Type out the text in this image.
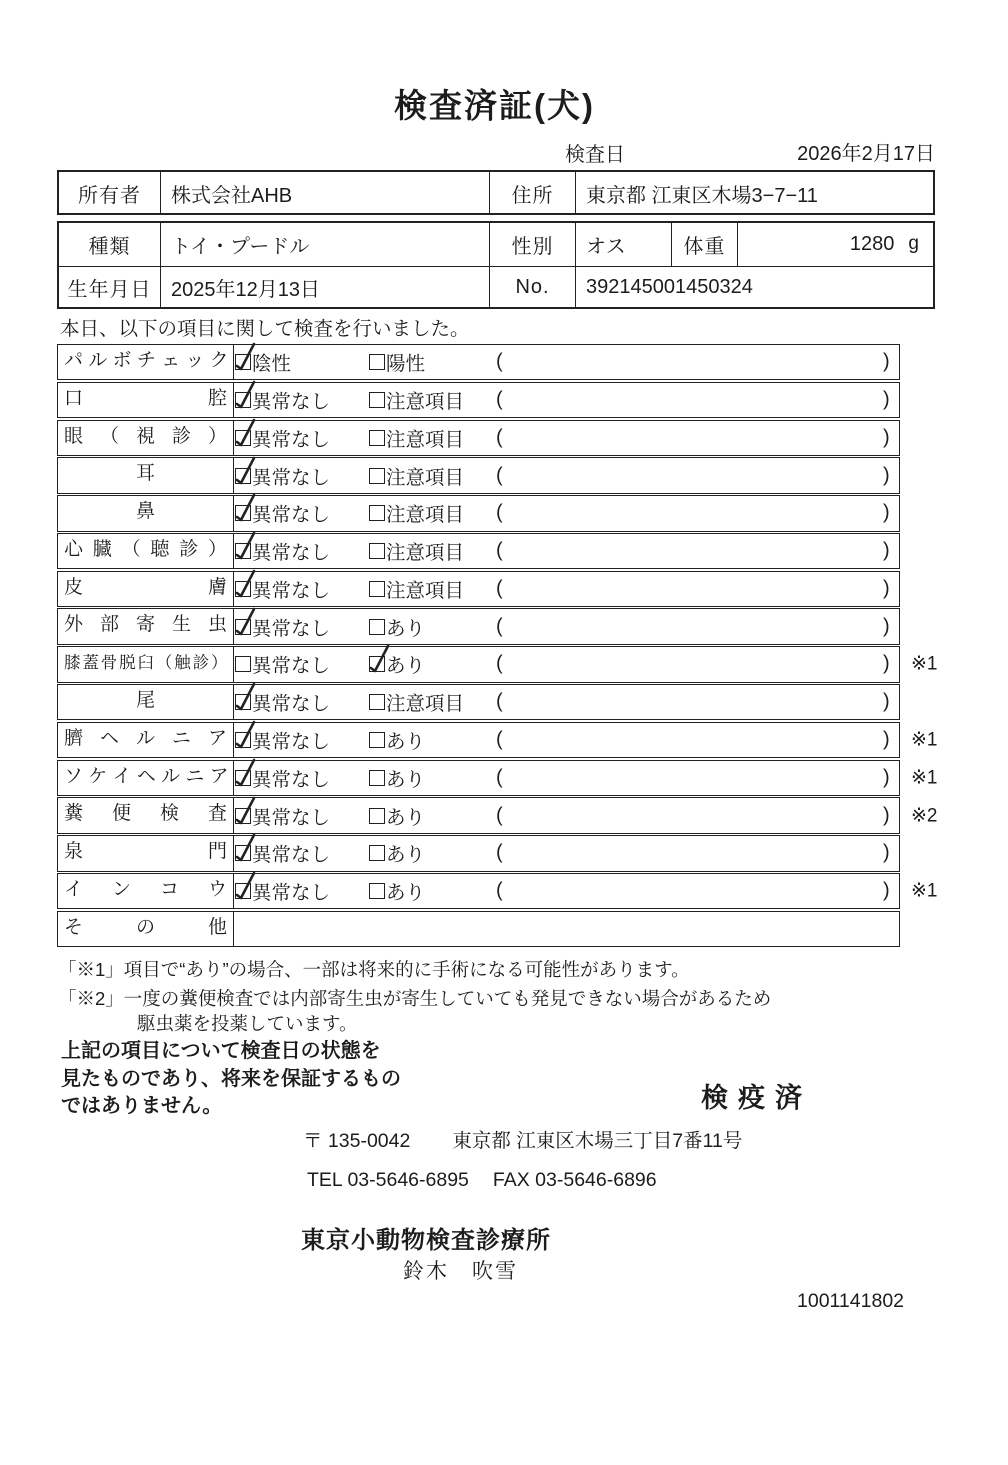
検査済証(犬)
検査日	2026年2月17日
所有者	株式会社AHB	住所	東京都 江東区木場3−7−11
種類	トイ・プードル	性別	オス	体重	1280 g
生年月日 2025年12月13日	No.	392145001450324
本日、以下の項目に関して検査を行いました。
パ ル ボ チ ェ ッ ク 陰性	陽性	(	)
口 腔	異常なし	注意項目 (	)
眼 （ 視 診 ）	異常なし	注意項目 (	)
耳	異常なし	注意項目 (	)
鼻	異常なし	注意項目 (	)
心 臓 （ 聴 診 ）	異常なし	注意項目 (	)
皮 膚	異常なし	注意項目 (	)
外 部 寄 生 虫	異常なし	あり	(	)
膝蓋骨脱臼（触診）	異常なし	あり	(	) ※1
尾	異常なし	注意項目 (	)
臍 ヘ ル ニ ア	異常なし	あり	(	) ※1
ソ ケ イ ヘ ル ニ ア 異常なし	あり	(	) ※1
糞 便 検 査	異常なし	あり	(	) ※2
泉 門	異常なし	あり	(	)
イ ン コ ウ	異常なし	あり	(	) ※1
そ の 他
「※1」項目で“あり”の場合、一部は将来的に手術になる可能性があります。
「※2」一度の糞便検査では内部寄生虫が寄生していても発見できない場合があるため
駆虫薬を投薬しています。
上記の項目について検査日の状態を
見たものであり、将来を保証するもの
ではありません。	検疫済
〒 135-0042 東京都 江東区木場三丁目7番11号
TEL 03-5646-6895 FAX 03-5646-6896
東京小動物検査診療所
鈴木　吹雪
1001141802
